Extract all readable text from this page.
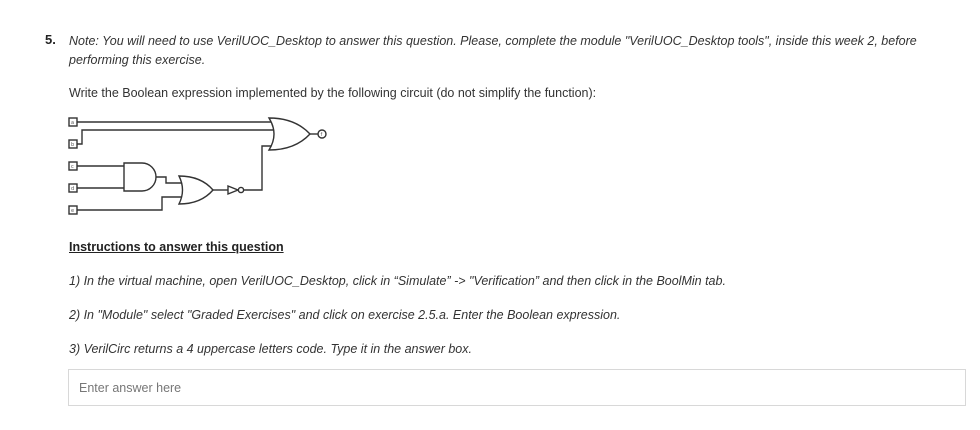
5. Note: You will need to use VerilUOC_Desktop to answer this question. Please, complete the module "VerilUOC_Desktop tools", inside this week 2, before performing this exercise.
Write the Boolean expression implemented by the following circuit (do not simplify the function):
a
b
c
d
e
f
Instructions to answer this question
1) In the virtual machine, open VerilUOC_Desktop, click in “Simulate” -> "Verification” and then click in the BoolMin tab.
2) In "Module" select "Graded Exercises" and click on exercise 2.5.a. Enter the Boolean expression.
3) VerilCirc returns a 4 uppercase letters code. Type it in the answer box.
Enter answer here
